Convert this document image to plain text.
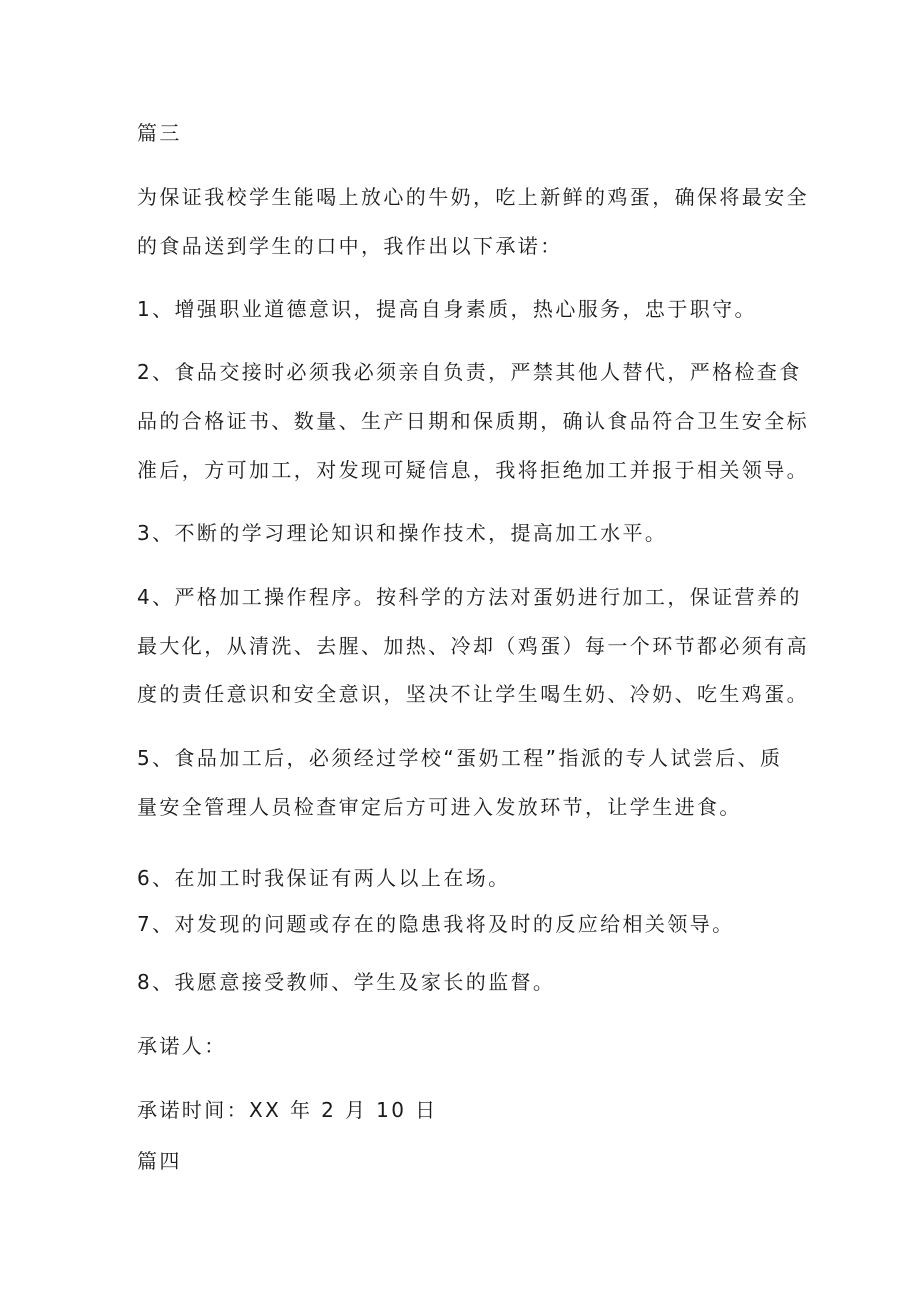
篇三

为保证我校学生能喝上放心的牛奶，吃上新鲜的鸡蛋，确保将最安全

的食品送到学生的口中，我作出以下承诺：

1、增强职业道德意识，提高自身素质，热心服务，忠于职守。

2、食品交接时必须我必须亲自负责，严禁其他人替代，严格检查食

品的合格证书、数量、生产日期和保质期，确认食品符合卫生安全标

准后，方可加工，对发现可疑信息，我将拒绝加工并报于相关领导。

3、不断的学习理论知识和操作技术，提高加工水平。

4、严格加工操作程序。按科学的方法对蛋奶进行加工，保证营养的

最大化，从清洗、去腥、加热、冷却（鸡蛋）每一个环节都必须有高

度的责任意识和安全意识，坚决不让学生喝生奶、冷奶、吃生鸡蛋。

5、食品加工后，必须经过学校“蛋奶工程”指派的专人试尝后、质

量安全管理人员检查审定后方可进入发放环节，让学生进食。

6、在加工时我保证有两人以上在场。

7、对发现的问题或存在的隐患我将及时的反应给相关领导。

8、我愿意接受教师、学生及家长的监督。

承诺人：

承诺时间：XX 年 2 月 10 日

篇四
